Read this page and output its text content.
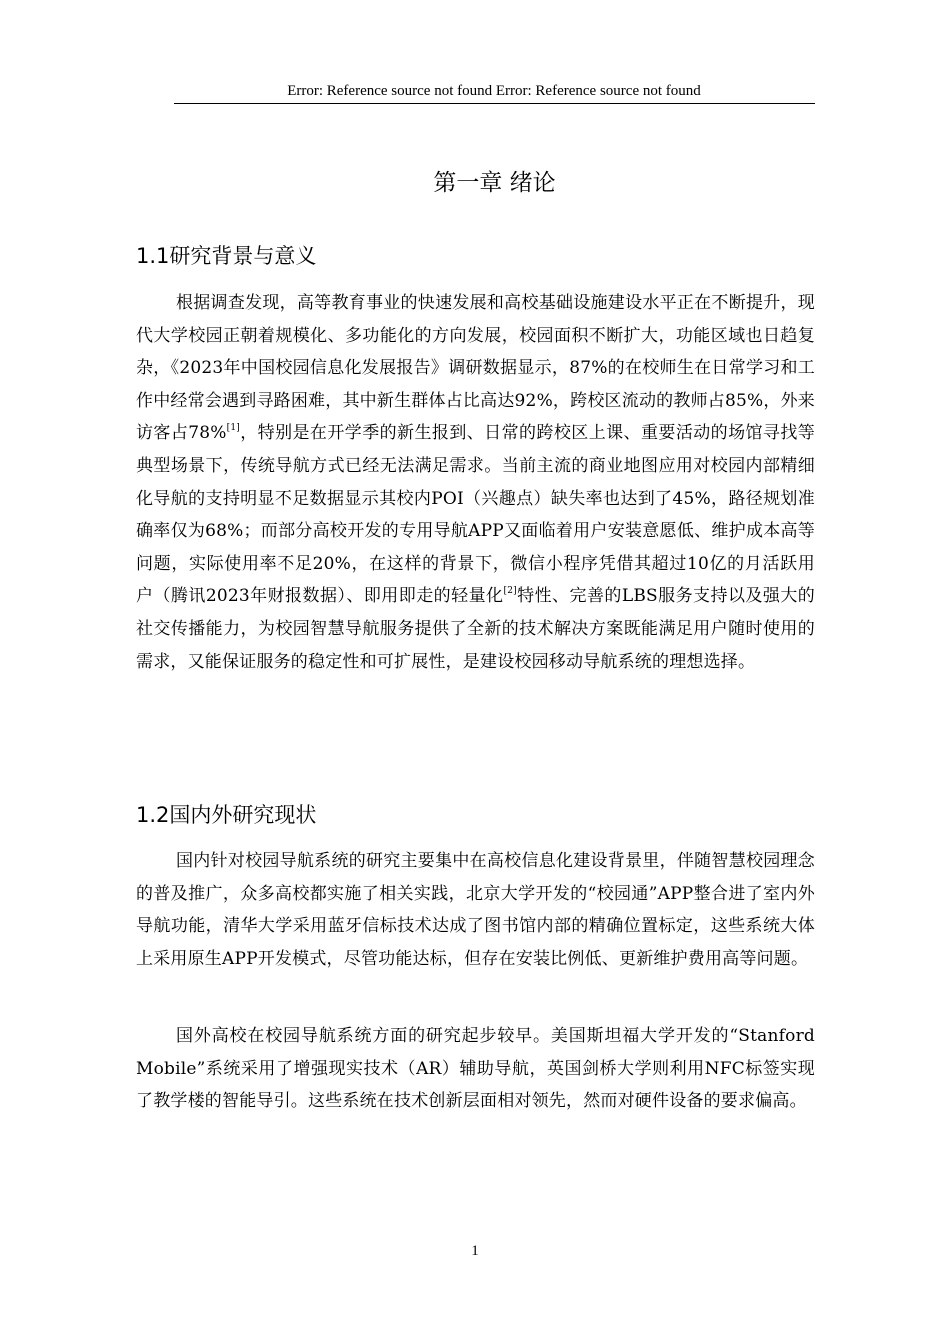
Error: Reference source not found Error: Reference source not found
第一章 绪论
1.1研究背景与意义

根据调查发现，高等教育事业的快速发展和高校基础设施建设水平正在不断提升，现代大学校园正朝着规模化、多功能化的方向发展，校园面积不断扩大，功能区域也日趋复杂，《2023年中国校园信息化发展报告》调研数据显示，87%的在校师生在日常学习和工作中经常会遇到寻路困难，其中新生群体占比高达92%，跨校区流动的教师占85%，外来访客占78%[1]，特别是在开学季的新生报到、日常的跨校区上课、重要活动的场馆寻找等典型场景下，传统导航方式已经无法满足需求。当前主流的商业地图应用对校园内部精细化导航的支持明显不足数据显示其校内POI（兴趣点）缺失率也达到了45%，路径规划准确率仅为68%；而部分高校开发的专用导航APP又面临着用户安装意愿低、维护成本高等问题，实际使用率不足20%，在这样的背景下，微信小程序凭借其超过10亿的月活跃用户（腾讯2023年财报数据）、即用即走的轻量化[2]特性、完善的LBS服务支持以及强大的社交传播能力，为校园智慧导航服务提供了全新的技术解决方案既能满足用户随时使用的需求，又能保证服务的稳定性和可扩展性，是建设校园移动导航系统的理想选择。

1.2国内外研究现状

国内针对校园导航系统的研究主要集中在高校信息化建设背景里，伴随智慧校园理念的普及推广，众多高校都实施了相关实践，北京大学开发的“校园通”APP整合进了室内外导航功能，清华大学采用蓝牙信标技术达成了图书馆内部的精确位置标定，这些系统大体上采用原生APP开发模式，尽管功能达标，但存在安装比例低、更新维护费用高等问题。

国外高校在校园导航系统方面的研究起步较早。美国斯坦福大学开发的“Stanford Mobile”系统采用了增强现实技术（AR）辅助导航，英国剑桥大学则利用NFC标签实现了教学楼的智能导引。这些系统在技术创新层面相对领先，然而对硬件设备的要求偏高。

1
